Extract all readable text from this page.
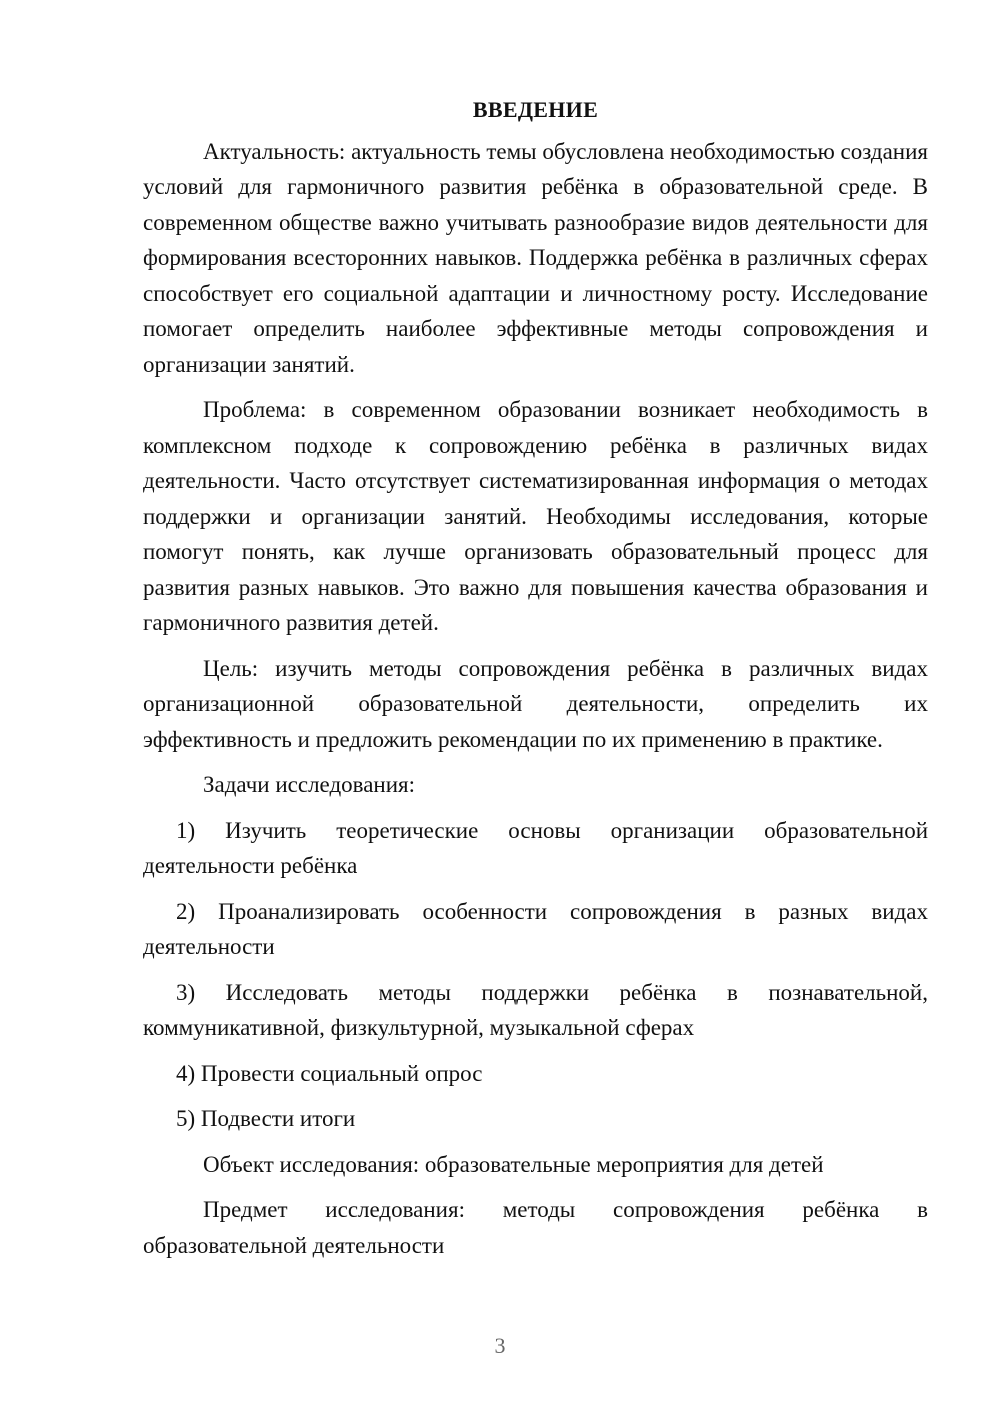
ВВЕДЕНИЕ

Актуальность: актуальность темы обусловлена необходимостью создания условий для гармоничного развития ребёнка в образовательной среде. В современном обществе важно учитывать разнообразие видов деятельности для формирования всесторонних навыков. Поддержка ребёнка в различных сферах способствует его социальной адаптации и личностному росту. Исследование помогает определить наиболее эффективные методы сопровождения и организации занятий.

Проблема: в современном образовании возникает необходимость в комплексном подходе к сопровождению ребёнка в различных видах деятельности. Часто отсутствует систематизированная информация о методах поддержки и организации занятий. Необходимы исследования, которые помогут понять, как лучше организовать образовательный процесс для развития разных навыков. Это важно для повышения качества образования и гармоничного развития детей.

Цель: изучить методы сопровождения ребёнка в различных видах организационной образовательной деятельности, определить их эффективность и предложить рекомендации по их применению в практике.

Задачи исследования:

1) Изучить теоретические основы организации образовательной деятельности ребёнка

2) Проанализировать особенности сопровождения в разных видах деятельности

3) Исследовать методы поддержки ребёнка в познавательной, коммуникативной, физкультурной, музыкальной сферах

4) Провести социальный опрос

5) Подвести итоги

Объект исследования: образовательные мероприятия для детей

Предмет исследования: методы сопровождения ребёнка в образовательной деятельности

3
